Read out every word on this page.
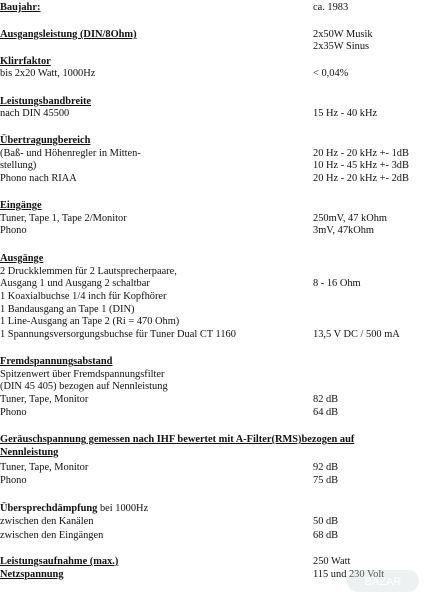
Baujahr:	ca. 1983
Ausgangsleistung (DIN/8Ohm)	2x50W Musik
2x35W Sinus
Klirrfaktor
bis 2x20 Watt, 1000Hz	< 0,04%
Leistungsbandbreite
nach DIN 45500	15 Hz - 40 kHz
Übertragungbereich
(Baß- und Höhenregler in Mitten-	20 Hz - 20 kHz +- 1dB
stellung)	10 Hz - 45 kHz +- 3dB
Phono nach RIAA	20 Hz - 20 kHz +- 2dB
Eingänge
Tuner, Tape 1, Tape 2/Monitor	250mV, 47 kOhm
Phono	3mV, 47kOhm
Ausgänge
2 Druckklemmen für 2 Lautsprecherpaare,
Ausgang 1 und Ausgang 2 schaltbar	8 - 16 Ohm
1 Koaxialbuchse 1/4 inch für Kopfhörer
1 Bandausgang an Tape 1 (DIN)
1 Line-Ausgang an Tape 2 (Ri = 470 Ohm)
1 Spannungsversorgungsbuchse für Tuner Dual CT 1160	13,5 V DC / 500 mA
Fremdspannungsabstand
Spitzenwert über Fremdspannungsfilter
(DIN 45 405) bezogen auf Nennleistung
Tuner, Tape, Monitor	82 dB
Phono	64 dB
Geräuschspannung gemessen nach IHF bewertet mit A-Filter(RMS)bezogen auf
Nennleistung
Tuner, Tape, Monitor	92 dB
Phono	75 dB
Übersprechdämpfung bei 1000Hz
zwischen den Kanälen	50 dB
zwischen den Eingängen	68 dB
Leistungsaufnahme (max.)	250 Watt
Netzspannung	115 und 230 Volt
BAZAR
